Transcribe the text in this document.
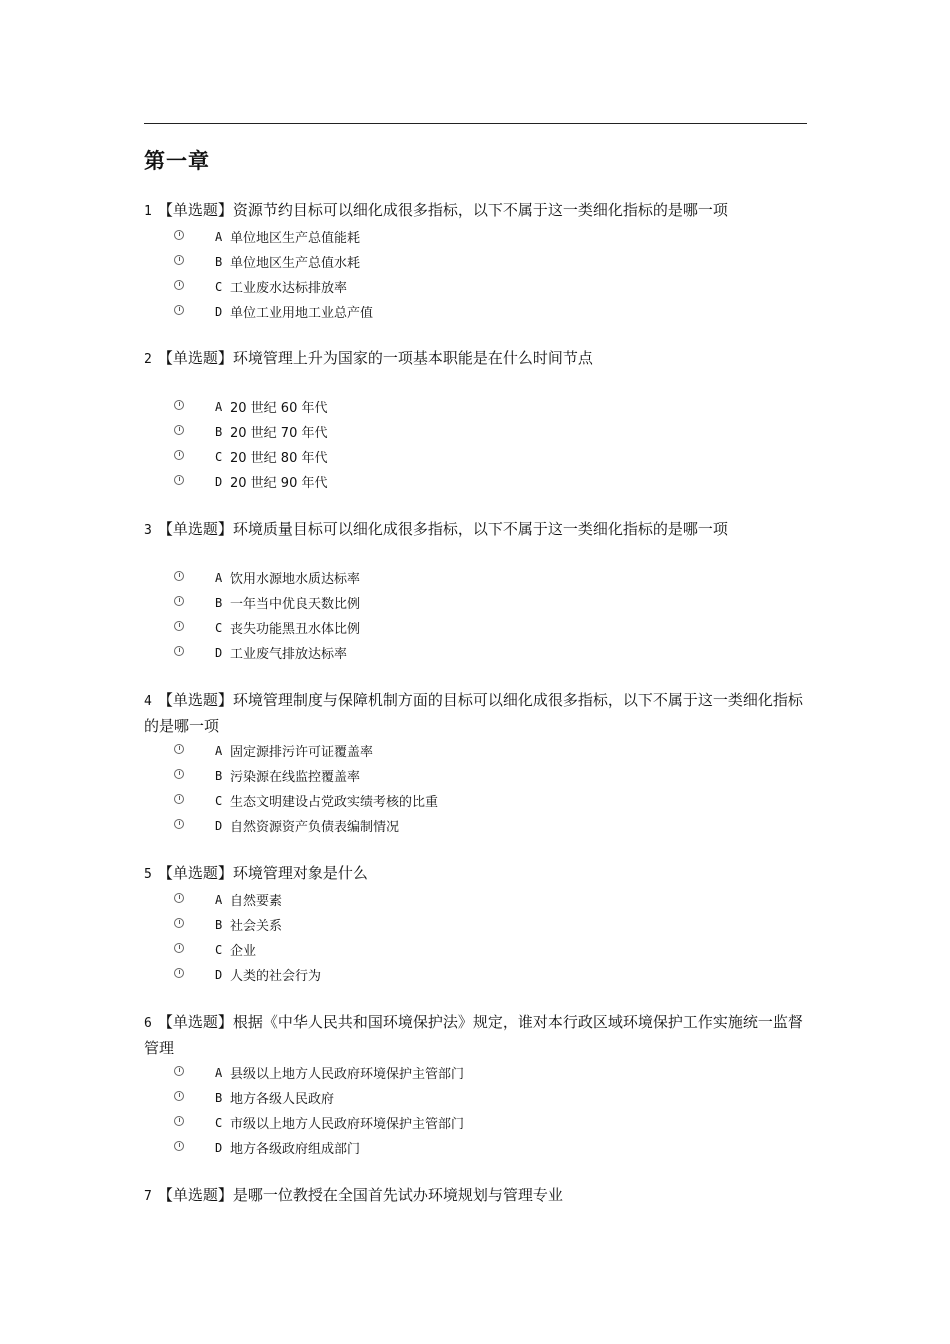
第一章

1 【单选题】资源节约目标可以细化成很多指标，以下不属于这一类细化指标的是哪一项

A 单位地区生产总值能耗
B 单位地区生产总值水耗
C 工业废水达标排放率
D 单位工业用地工业总产值

2 【单选题】环境管理上升为国家的一项基本职能是在什么时间节点

A 20 世纪 60 年代
B 20 世纪 70 年代
C 20 世纪 80 年代
D 20 世纪 90 年代

3 【单选题】环境质量目标可以细化成很多指标，以下不属于这一类细化指标的是哪一项

A 饮用水源地水质达标率
B 一年当中优良天数比例
C 丧失功能黑丑水体比例
D 工业废气排放达标率

4 【单选题】环境管理制度与保障机制方面的目标可以细化成很多指标，以下不属于这一类细化指标的是哪一项

A 固定源排污许可证覆盖率
B 污染源在线监控覆盖率
C 生态文明建设占党政实绩考核的比重
D 自然资源资产负债表编制情况

5 【单选题】环境管理对象是什么

A 自然要素
B 社会关系
C 企业
D 人类的社会行为

6 【单选题】根据《中华人民共和国环境保护法》规定，谁对本行政区域环境保护工作实施统一监督管理

A 县级以上地方人民政府环境保护主管部门
B 地方各级人民政府
C 市级以上地方人民政府环境保护主管部门
D 地方各级政府组成部门

7 【单选题】是哪一位教授在全国首先试办环境规划与管理专业
